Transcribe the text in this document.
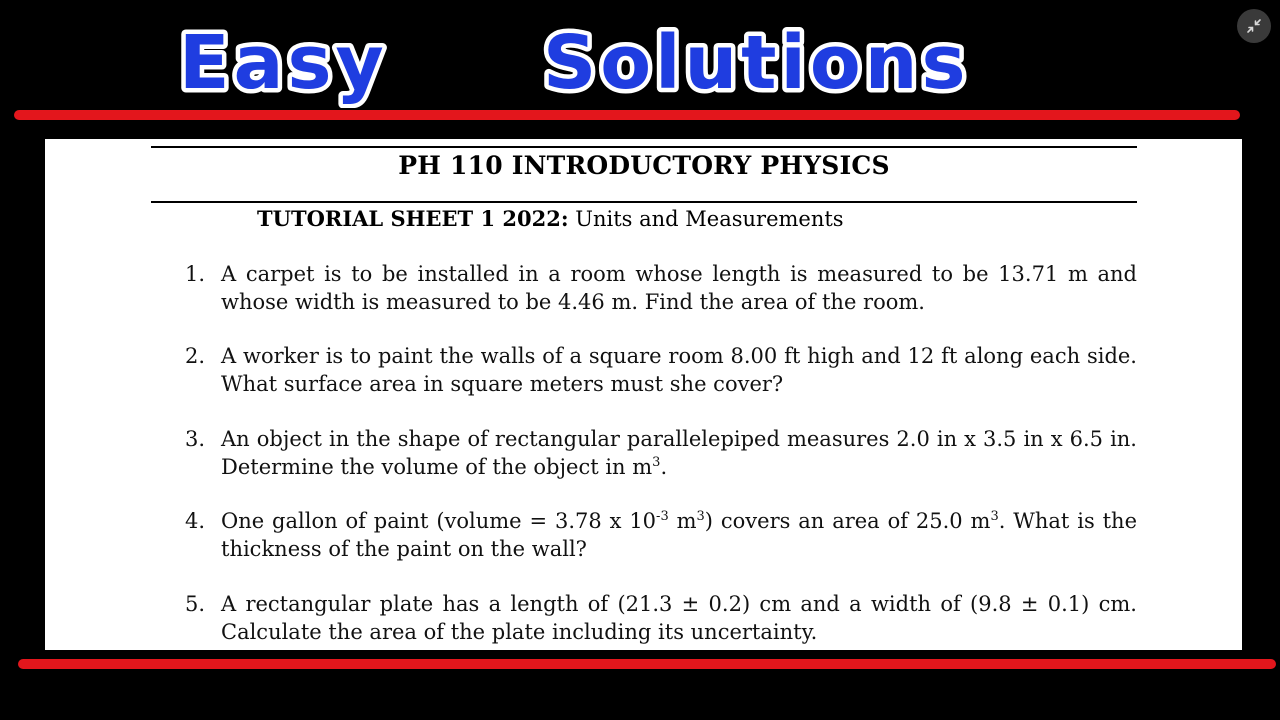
Easy Solutions
PH 110 INTRODUCTORY PHYSICS
TUTORIAL SHEET 1 2022: Units and Measurements
1. A carpet is to be installed in a room whose length is measured to be 13.71 m and whose width is measured to be 4.46 m. Find the area of the room.
2. A worker is to paint the walls of a square room 8.00 ft high and 12 ft along each side. What surface area in square meters must she cover?
3. An object in the shape of rectangular parallelepiped measures 2.0 in x 3.5 in x 6.5 in. Determine the volume of the object in $m^3$.
4. One gallon of paint (volume = 3.78 x $10^{-3}$ $m^3$) covers an area of 25.0 $m^3$. What is the thickness of the paint on the wall?
5. A rectangular plate has a length of (21.3 ± 0.2) cm and a width of (9.8 ± 0.1) cm. Calculate the area of the plate including its uncertainty.
